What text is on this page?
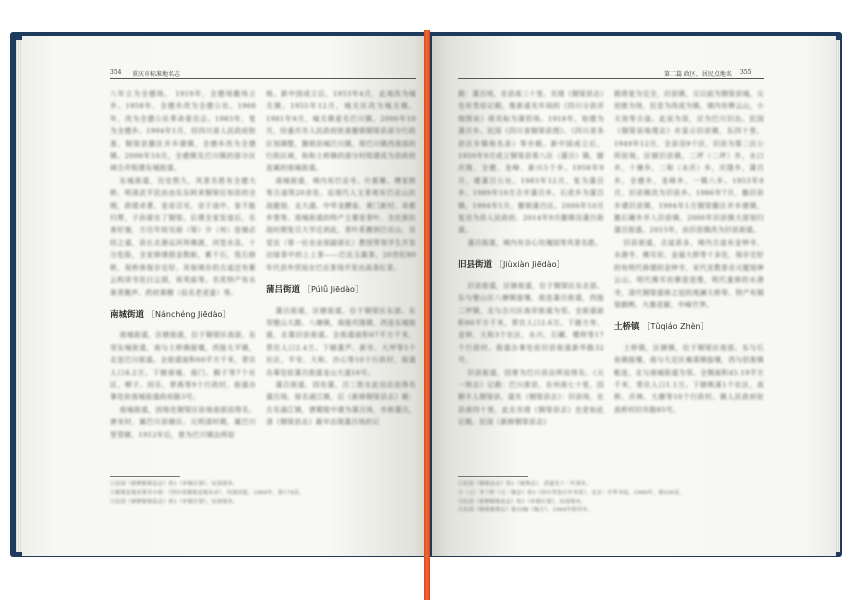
354 重庆市标准地名志

八年立为全德场。 1919年，全德场撤场立乡。1958年，全德乡改为全德公社。1968年，改为全德公社革命委员会。1983年，复为全德乡。1994年1月，经四川省人民政府批准，铜梁县撤区并乡建镇，全德乡改为全德镇。2006年10月，全德镇及巴川镇的部分区域合并组建东城街道。

东城街道，历史悠久，风景名胜有全德大桥、明清武平民由由东东阿来铜梁任知县的全刚，政绩卓著，皇帝召见，亲于途中，客不能归葬，子孙留在了铜梁。后建全家发迹后，乐善好施，万历年间见雨（梁）介（州）连铺必经之道，县长北港运河拜佛渡，河宽水急，十分危险，全家修缮捐金数斛，累千石，筏石修桥，视桥体保存完好。其他境存的古迹还有紫云构读书处白云洞，祝英庙等。名优特产有水果青搬声、药材黄精（俗名老虎姜）等。

南城街道 ［Nánchéng Jiēdào］

南城街道，区辖街道，位于铜梁区南部，东邻东城街道，南与土桥镇接壤，西接太平镇，北连巴川街道。全街道面积60平方千米，常住人口8.2万。下辖南城、南门、桐子等7个社区，柳子、同乐、翠禹等9个行政村，街道办事处驻南城街道政府路3号。

南城街道，因地处铜梁区驻地南部而得名。唐宋时，属巴川县辖区。元明清时期，属巴川里管辖。1912年后，曾为巴川镇治所驻

地。新中国成立后，1953年4月，此地改为城关镇。1955年12月，城关区改为城关镇。1981年8月，城关镇更名巴川镇。2006年10月，经重庆市人民政府批准撤销铜梁县部分行政区划调整，撤销县城巴川镇，将巴川镇西南部的行政区域，和和土桥镇的部分村组建成为县政府直属的南城街道。

南城街道，境内有巴岳寺、什都寨、傅家桥等古迹筑20余处。近现代人文景观有巴岳山抗战题刻、北大湖、中华龙腰泉、黄门新村、奇都乡堡等。南城街道的特产主要是茶叶，全民族抗战时期复旦大学迁到此，茶叶系搬到巴岳山，吴觉农（第一任农业部副部长）教授带领学生开发出绿茶中的上上茶——巴岳玉露茶。20世纪80年代县外贸局在巴岳茶场开发出高香红茶。

蒲吕街道 ［Púlǚ Jiēdào］

蒲吕街道，区辖街道，位于铜梁区东部。东邻璧山大路、八塘镇，南接庆隆镇，西连东城街道，北靠旧县街道。全街道面积67平方千米，常住人口2.4万。下辖蒲芦、新市、大坪等5个社区，平安、大和、沙心等10个行政村，街道办事处驻蒲吕街道龙山大道16号。

蒲吕街道，因有蒲、吕二姓在此设店而得名蒲吕场。原名浦江镇，后《新修铜梁县志》载：古名浦江镇，谓蜀陵中建为蒲吕场，亦称蒲吕，清《铜梁县志》最早出现蒲吕场的记

①民国《新修铜梁县志》卷1《乡镇区划》，民国刻本。
②铜梁县地名领导小组：《四川省铜梁县地名录》，内部出版，1984年，第174页。
③民国《新修铜梁县志》卷1《乡镇区划》，民国刻本。
第二篇 政区、居民点地名 355

载：蒲吕场，在县南三十里。光绪《铜梁县志》也有类似记载。维新道光年间的《四川分县详细图说》将其标为蒲侣场。1918年，始建为蒲吕乡。民国《四川省铜梁县图》、《四川省各县区乡镇地名录》等亦载。新中国成立后，1950年9月成立铜梁县第八区（蒲吕）镇，辖庆隆、全德、龙峰、新兴5个乡。1958年9月，建蒲吕公社。1983年12月，复为蒲吕乡。1989年10月合并蒲吕乡。石虎乡为蒲吕镇。1994年1月，撤销蒲吕区。2006年10月复设为县人民政府。2014年9月撤镇设蒲吕街道。

蒲吕街道，境内有谷心玫瑰园等风景名胜。

旧县街道 ［Jiùxiàn Jiēdào］

旧县街道，区辖街道，位于铜梁区东北部。东与璧山区八塘镇接壤，南连蒲吕街道，西接二坪镇，北与合川区南岸街道为邻。全街道面积80平方千米，常住人口2.6万。下辖方寿、金钟、大和3个社区，水兴、石碾、檬梓等17个行政村。街道办事处驻旧县街道新华路32号。

旧县街道，因曾为巴川县治所而得名。《元一统志》记载：巴川废县，在州南七十里，因朝丰人铜梁县。道光《铜梁县志》：旧县场，在县南四十里。此在光绪《铜梁县志》也是如此记载。民国《新修铜梁县志》

载将更为完全，旧县镇，元以前为铜梁县城，元初废为场，民昔为改成为镇，境内有棒云山，小天池等古迹。此说为误，应为巴川旧治。民国《铜梁县地理志》亦显示旧县镇，东四十里。1949年12月，全县设9个区，旧县为第二区公所驻地，区辖旧县镇，二坪（二坪）乡，水口乡，十塘乡，二和（永庆）乡，庆隆乡，蒲吕乡，全德乡，龙峰乡，一镇八乡。1953年8月，旧县镇改为旧县乡。1986年7月，撤旧县乡建旧县镇，1994年1月铜梁撤区并乡建镇，撤石碾乡并入旧县镇，2006年旧县镇大部划归蒲吕街道。2015年，由旧县镇改为旧县街道。

旧县街道，古迹甚多，境内古迹有金钟寺、水港寺、佛耳岩、金福大桥等十多处，保存完好的有明代修建的金钟寺，宋代宣教茶贡元题刻神云山、明代佛耳岩摩崖造像，明代重修的水港寺，清代铜梁道修之冠的观澜大桥等。特产有铜梁鹤鸭、九锥花椒、中峰竹笋。

土桥镇 ［Tǔqiáo Zhèn］

土桥镇，区辖镇，位于铜梁区南部。东与石鱼镇接壤，南与大足区雍溪镇接壤，西与侣象镇毗连，北与南城街道为邻。全镇面积45.19平方千米，常住人口1.1万。下辖桃溪1个社区，高桥、庆林、大磨等10个行政村。镇人民政府驻高桥村旧市路85号。

①民国《铜梁县志》卷1《地舆志》，清道光十二年刻本。
②（元）李兰肸《元一统志》卷5《四川等处行中书省》，北京：中华书局，1966年，第530页。
③民国《新修铜梁县志》卷1《乡镇区划》，民国刻本。
④民国《铜梁地理志》第35编《地方》，1984年铅印本。
